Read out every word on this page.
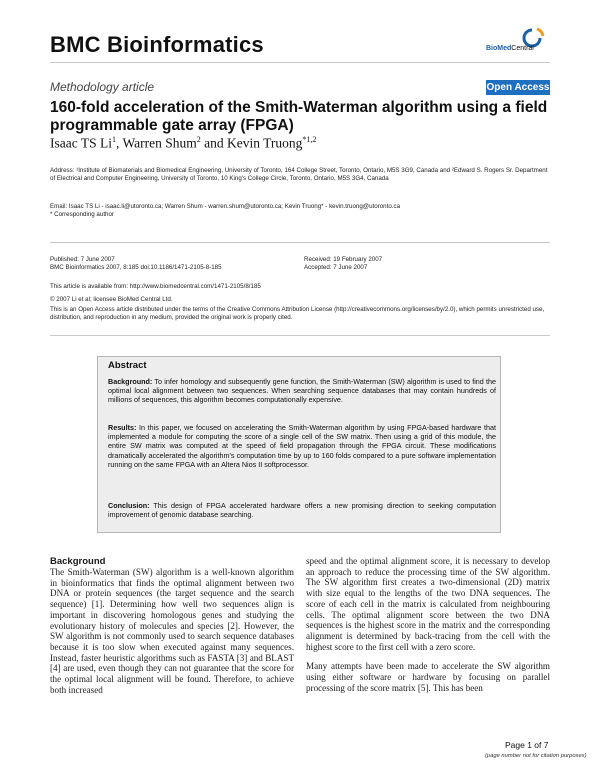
BMC Bioinformatics	BioMedCentral
Methodology article	Open Access
160-fold acceleration of the Smith-Waterman algorithm using a field programmable gate array (FPGA)
Isaac TS Li$^1$, Warren Shum$^2$ and Kevin Truong$^{*1,2}$
Address: ¹Institute of Biomaterials and Biomedical Engineering, University of Toronto, 164 College Street, Toronto, Ontario, M5S 3G9, Canada and ²Edward S. Rogers Sr. Department of Electrical and Computer Engineering, University of Toronto, 10 King's College Circle, Toronto, Ontario, M5S 3G4, Canada
Email: Isaac TS Li - isaac.li@utoronto.ca; Warren Shum - warren.shum@utoronto.ca; Kevin Truong* - kevin.truong@utoronto.ca
* Corresponding author
Published: 7 June 2007
BMC Bioinformatics 2007, 8:185 doi:10.1186/1471-2105-8-185
Received: 19 February 2007
Accepted: 7 June 2007
This article is available from: http://www.biomedcentral.com/1471-2105/8/185
© 2007 Li et al; licensee BioMed Central Ltd.
This is an Open Access article distributed under the terms of the Creative Commons Attribution License (http://creativecommons.org/licenses/by/2.0), which permits unrestricted use, distribution, and reproduction in any medium, provided the original work is properly cited.
Abstract
Background: To infer homology and subsequently gene function, the Smith-Waterman (SW) algorithm is used to find the optimal local alignment between two sequences. When searching sequence databases that may contain hundreds of millions of sequences, this algorithm becomes computationally expensive.
Results: In this paper, we focused on accelerating the Smith-Waterman algorithm by using FPGA-based hardware that implemented a module for computing the score of a single cell of the SW matrix. Then using a grid of this module, the entire SW matrix was computed at the speed of field propagation through the FPGA circuit. These modifications dramatically accelerated the algorithm's computation time by up to 160 folds compared to a pure software implementation running on the same FPGA with an Altera Nios II softprocessor.
Conclusion: This design of FPGA accelerated hardware offers a new promising direction to seeking computation improvement of genomic database searching.
Background

The Smith-Waterman (SW) algorithm is a well-known algorithm in bioinformatics that finds the optimal alignment between two DNA or protein sequences (the target sequence and the search sequence) [1]. Determining how well two sequences align is important in discovering homologous genes and studying the evolutionary history of molecules and species [2]. However, the SW algorithm is not commonly used to search sequence databases because it is too slow when executed against many sequences. Instead, faster heuristic algorithms such as FASTA [3] and BLAST [4] are used, even though they can not guarantee that the score for the optimal local alignment will be found. Therefore, to achieve both increased

speed and the optimal alignment score, it is necessary to develop an approach to reduce the processing time of the SW algorithm. The SW algorithm first creates a two-dimensional (2D) matrix with size equal to the lengths of the two DNA sequences. The score of each cell in the matrix is calculated from neighbouring cells. The optimal alignment score between the two DNA sequences is the highest score in the matrix and the corresponding alignment is determined by back-tracing from the cell with the highest score to the first cell with a zero score.

Many attempts have been made to accelerate the SW algorithm using either software or hardware by focusing on parallel processing of the score matrix [5]. This has been

Page 1 of 7
(page number not for citation purposes)
